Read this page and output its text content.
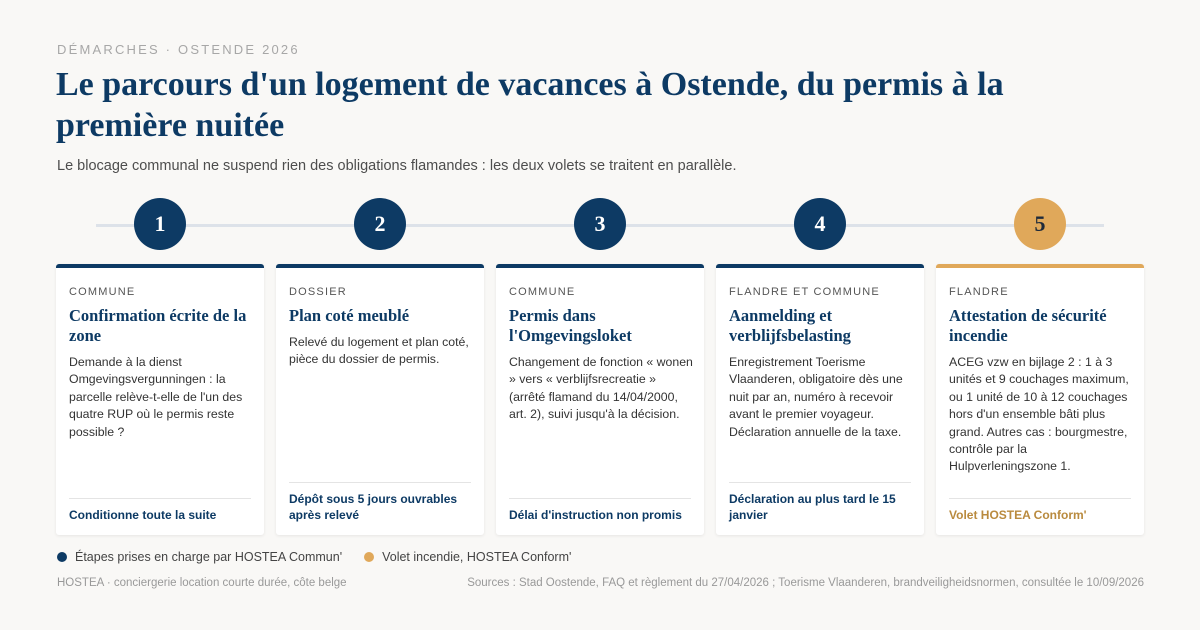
DÉMARCHES · OSTENDE 2026
Le parcours d'un logement de vacances à Ostende, du permis à la première nuitée

Le blocage communal ne suspend rien des obligations flamandes : les deux volets se traitent en parallèle.

1	2	3	4	5
COMMUNE
Confirmation écrite de la zone
Demande à la dienst Omgevingsvergunningen : la parcelle relève-t-elle de l'un des quatre RUP où le permis reste possible ?
Conditionne toute la suite
DOSSIER
Plan coté meublé
Relevé du logement et plan coté, pièce du dossier de permis.
Dépôt sous 5 jours ouvrables après relevé
COMMUNE
Permis dans l'Omgevingsloket
Changement de fonction « wonen » vers « verblijfsrecreatie » (arrêté flamand du 14/04/2000, art. 2), suivi jusqu'à la décision.
Délai d'instruction non promis
FLANDRE ET COMMUNE
Aanmelding et verblijfsbelasting
Enregistrement Toerisme Vlaanderen, obligatoire dès une nuit par an, numéro à recevoir avant le premier voyageur. Déclaration annuelle de la taxe.
Déclaration au plus tard le 15 janvier
FLANDRE
Attestation de sécurité incendie
ACEG vzw en bijlage 2 : 1 à 3 unités et 9 couchages maximum, ou 1 unité de 10 à 12 couchages hors d'un ensemble bâti plus grand. Autres cas : bourgmestre, contrôle par la Hulpverleningszone 1.
Volet HOSTEA Conform'
Étapes prises en charge par HOSTEA Commun'	Volet incendie, HOSTEA Conform'
HOSTEA · conciergerie location courte durée, côte belge	Sources : Stad Oostende, FAQ et règlement du 27/04/2026 ; Toerisme Vlaanderen, brandveiligheidsnormen, consultée le 10/09/2026
